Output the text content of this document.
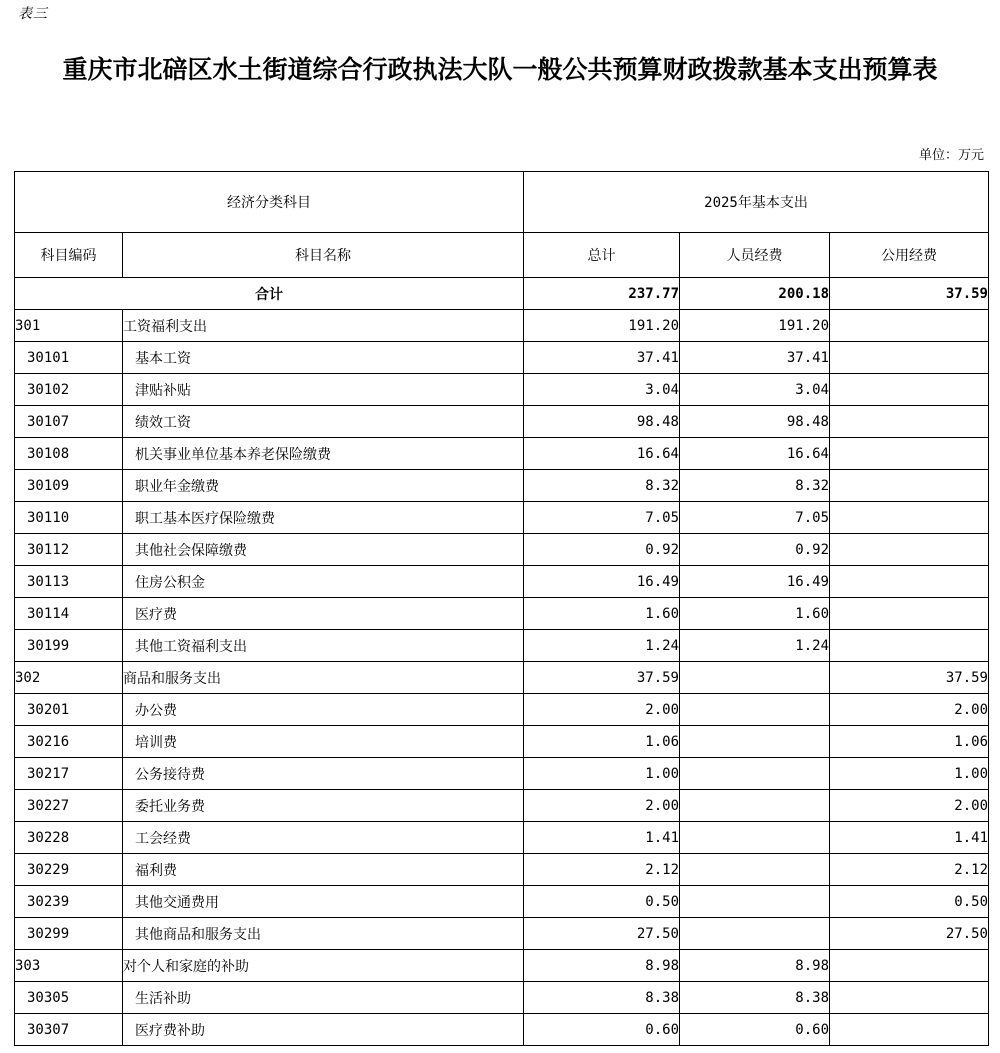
表三
重庆市北碚区水土街道综合行政执法大队一般公共预算财政拨款基本支出预算表
单位：万元
经济分类科目		2025年基本支出		
科目编码	科目名称	总计	人员经费	公用经费
合计		237.77	200.18	37.59
301	工资福利支出	191.20	191.20	
30101	基本工资	37.41	37.41	
30102	津贴补贴	3.04	3.04	
30107	绩效工资	98.48	98.48	
30108	机关事业单位基本养老保险缴费	16.64	16.64	
30109	职业年金缴费	8.32	8.32	
30110	职工基本医疗保险缴费	7.05	7.05	
30112	其他社会保障缴费	0.92	0.92	
30113	住房公积金	16.49	16.49	
30114	医疗费	1.60	1.60	
30199	其他工资福利支出	1.24	1.24	
302	商品和服务支出	37.59		37.59
30201	办公费	2.00		2.00
30216	培训费	1.06		1.06
30217	公务接待费	1.00		1.00
30227	委托业务费	2.00		2.00
30228	工会经费	1.41		1.41
30229	福利费	2.12		2.12
30239	其他交通费用	0.50		0.50
30299	其他商品和服务支出	27.50		27.50
303	对个人和家庭的补助	8.98	8.98	
30305	生活补助	8.38	8.38	
30307	医疗费补助	0.60	0.60	
